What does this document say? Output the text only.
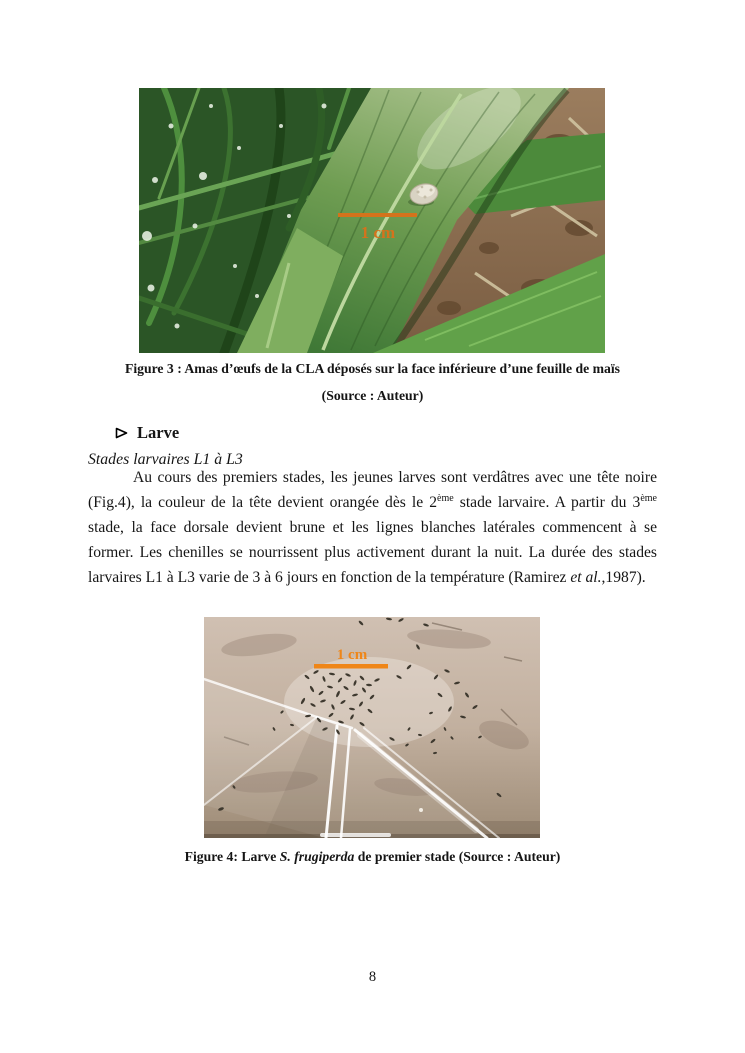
1 cm
Figure 3 : Amas d’œufs de la CLA déposés sur la face inférieure d’une feuille de maïs
(Source : Auteur)
Larve
Stades larvaires L1 à L3

Au cours des premiers stades, les jeunes larves sont verdâtres avec une tête noire (Fig.4), la couleur de la tête devient orangée dès le 2ème stade larvaire. A partir du 3ème stade, la face dorsale devient brune et les lignes blanches latérales commencent à se former. Les chenilles se nourrissent plus activement durant la nuit. La durée des stades larvaires L1 à L3 varie de 3 à 6 jours en fonction de la température (Ramirez et al.,1987).

1 cm
Figure 4: Larve S. frugiperda de premier stade (Source : Auteur)
8
